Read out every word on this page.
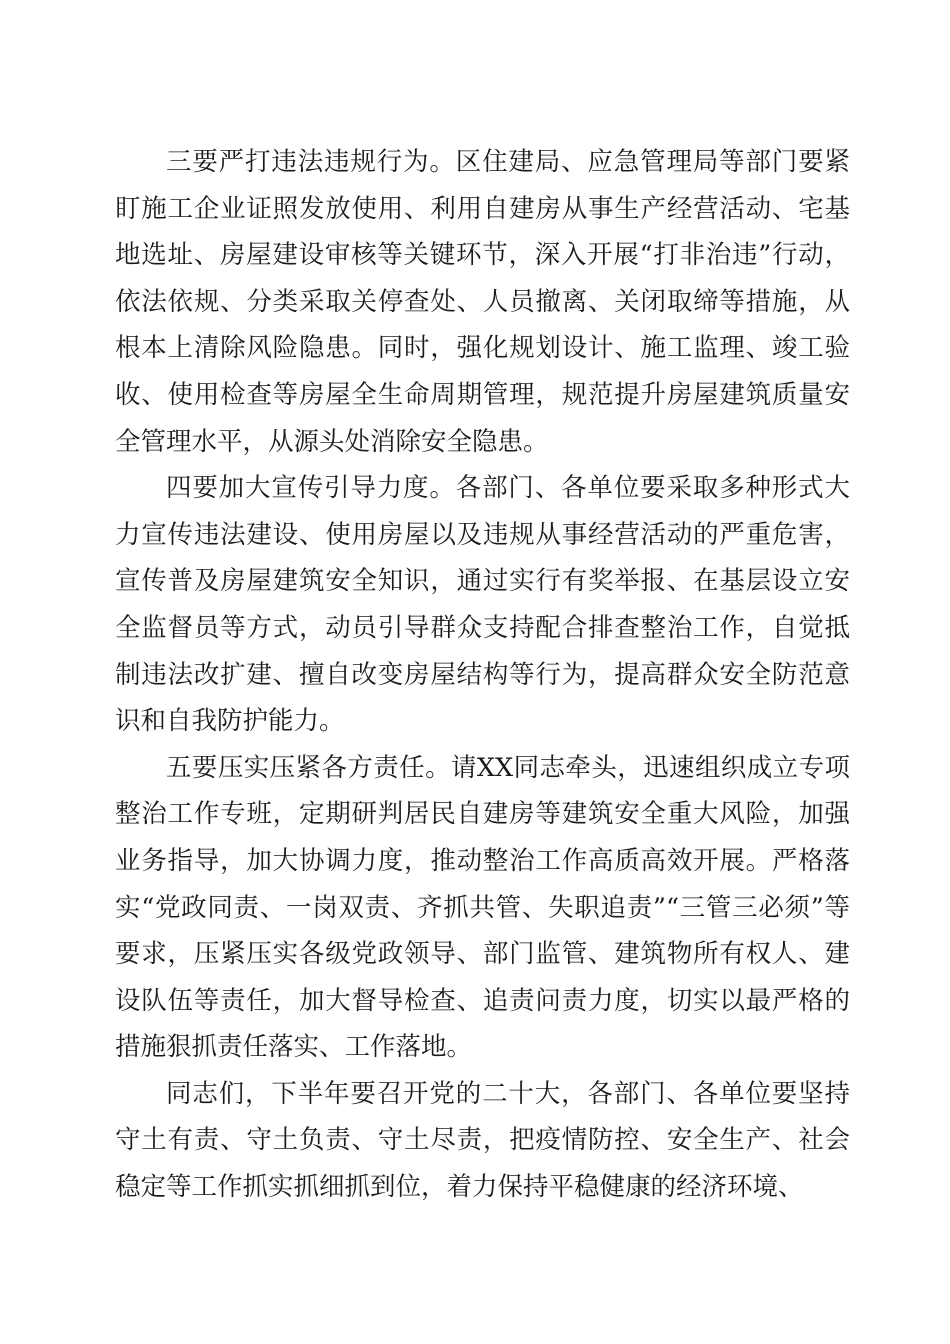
三要严打违法违规行为。区住建局、应急管理局等部门要紧盯施工企业证照发放使用、利用自建房从事生产经营活动、宅基地选址、房屋建设审核等关键环节，深入开展“打非治违”行动，依法依规、分类采取关停查处、人员撤离、关闭取缔等措施，从根本上清除风险隐患。同时，强化规划设计、施工监理、竣工验收、使用检查等房屋全生命周期管理，规范提升房屋建筑质量安全管理水平，从源头处消除安全隐患。

四要加大宣传引导力度。各部门、各单位要采取多种形式大力宣传违法建设、使用房屋以及违规从事经营活动的严重危害，宣传普及房屋建筑安全知识，通过实行有奖举报、在基层设立安全监督员等方式，动员引导群众支持配合排查整治工作，自觉抵制违法改扩建、擅自改变房屋结构等行为，提高群众安全防范意识和自我防护能力。

五要压实压紧各方责任。请XX同志牵头，迅速组织成立专项整治工作专班，定期研判居民自建房等建筑安全重大风险，加强业务指导，加大协调力度，推动整治工作高质高效开展。严格落实“党政同责、一岗双责、齐抓共管、失职追责”“三管三必须”等要求，压紧压实各级党政领导、部门监管、建筑物所有权人、建设队伍等责任，加大督导检查、追责问责力度，切实以最严格的措施狠抓责任落实、工作落地。

同志们，下半年要召开党的二十大，各部门、各单位要坚持守土有责、守土负责、守土尽责，把疫情防控、安全生产、社会稳定等工作抓实抓细抓到位，着力保持平稳健康的经济环境、
